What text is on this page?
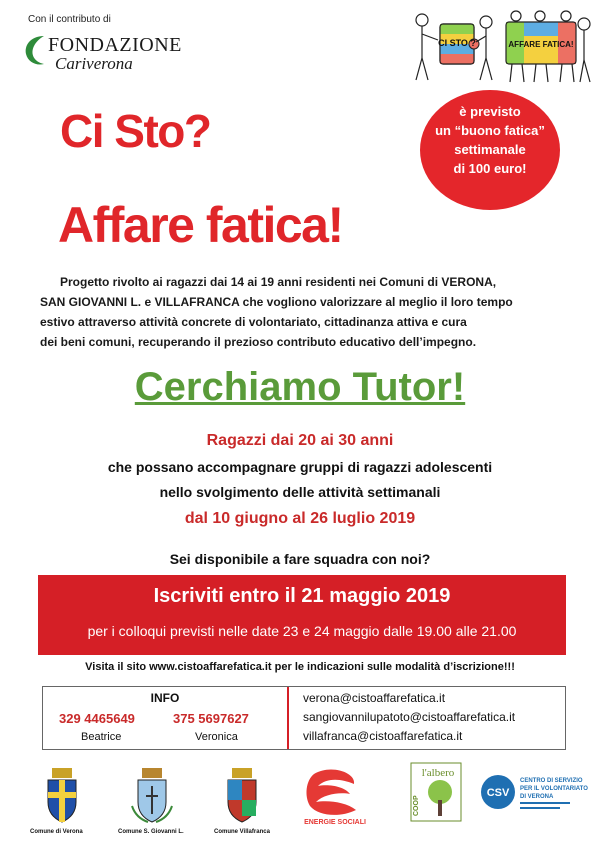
Con il contributo di
FONDAZIONE
Cariverona
CI STO ?	AFFARE FATICA!
Ci Sto?
Affare fatica!
è previsto
un “buono fatica”
settimanale
di 100 euro!
Progetto rivolto ai ragazzi dai 14 ai 19 anni residenti nei Comuni di VERONA,
SAN GIOVANNI L. e VILLAFRANCA che vogliono valorizzare al meglio il loro tempo
estivo attraverso attività concrete di volontariato, cittadinanza attiva e cura
dei beni comuni, recuperando il prezioso contributo educativo dell’impegno.
Cerchiamo Tutor!
Ragazzi dai 20 ai 30 anni
che possano accompagnare gruppi di ragazzi adolescenti
nello svolgimento delle attività settimanali
dal 10 giugno al 26 luglio 2019
Sei disponibile a fare squadra con noi?
Iscriviti entro il 21 maggio 2019
per i colloqui previsti nelle date 23 e 24 maggio dalle 19.00 alle 21.00
Visita il sito www.cistoaffarefatica.it per le indicazioni sulle modalità d’iscrizione!!!
INFO
329 4465649
Beatrice
375 5697627
Veronica
verona@cistoaffarefatica.it
sangiovannilupatoto@cistoaffarefatica.it
villafranca@cistoaffarefatica.it
Comune di Verona	Comune S. Giovanni L.	Comune Villafranca
ENERGIE SOCIALI
l'albero
COOP
CSV
CENTRO DI SERVIZIO
PER IL VOLONTARIATO
DI VERONA
